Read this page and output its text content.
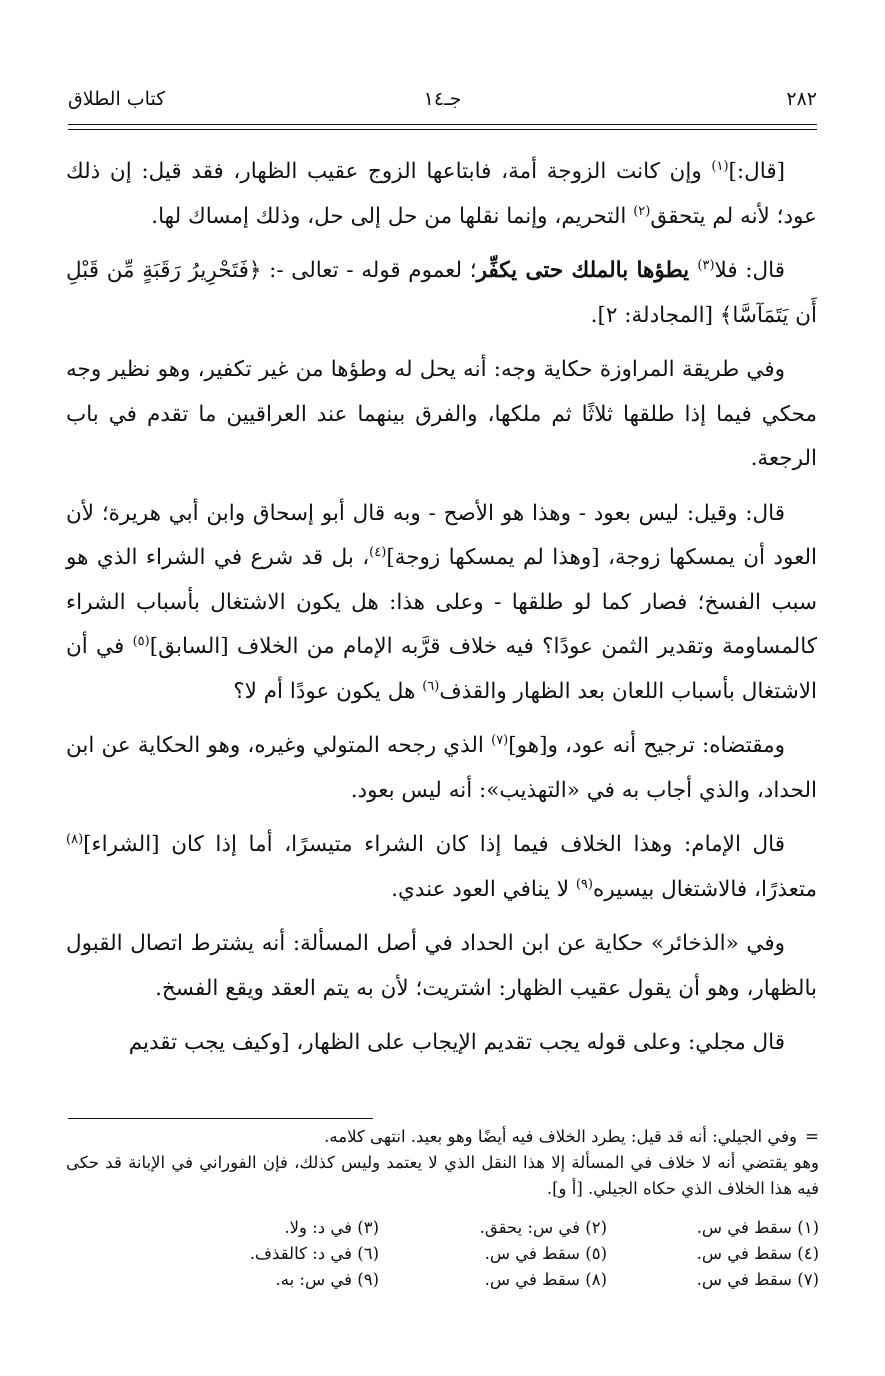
٢٨٢
جـ١٤
كتاب الطلاق

[قال:]$^{(١)}$ وإن كانت الزوجة أمة، فابتاعها الزوج عقيب الظهار، فقد قيل: إن ذلك عود؛ لأنه لم يتحقق$^{(٢)}$ التحريم، وإنما نقلها من حل إلى حل، وذلك إمساك لها.

قال: فلا$^{(٣)}$ يطؤها بالملك حتى يكفِّر؛ لعموم قوله - تعالى -: ﴿فَتَحْرِيرُ رَقَبَةٍ مِّن قَبْلِ أَن يَتَمَآسَّا﴾ [المجادلة: ٢].

وفي طريقة المراوزة حكاية وجه: أنه يحل له وطؤها من غير تكفير، وهو نظير وجه محكي فيما إذا طلقها ثلاثًا ثم ملكها، والفرق بينهما عند العراقيين ما تقدم في باب الرجعة.

قال: وقيل: ليس بعود - وهذا هو الأصح - وبه قال أبو إسحاق وابن أبي هريرة؛ لأن العود أن يمسكها زوجة، [وهذا لم يمسكها زوجة]$^{(٤)}$، بل قد شرع في الشراء الذي هو سبب الفسخ؛ فصار كما لو طلقها - وعلى هذا: هل يكون الاشتغال بأسباب الشراء كالمساومة وتقدير الثمن عودًا؟ فيه خلاف قرَّبه الإمام من الخلاف [السابق]$^{(٥)}$ في أن الاشتغال بأسباب اللعان بعد الظهار والقذف$^{(٦)}$ هل يكون عودًا أم لا؟

ومقتضاه: ترجيح أنه عود، و[هو]$^{(٧)}$ الذي رجحه المتولي وغيره، وهو الحكاية عن ابن الحداد، والذي أجاب به في «التهذيب»: أنه ليس بعود.

قال الإمام: وهذا الخلاف فيما إذا كان الشراء متيسرًا، أما إذا كان [الشراء]$^{(٨)}$ متعذرًا، فالاشتغال بيسيره$^{(٩)}$ لا ينافي العود عندي.

وفي «الذخائر» حكاية عن ابن الحداد في أصل المسألة: أنه يشترط اتصال القبول بالظهار، وهو أن يقول عقيب الظهار: اشتريت؛ لأن به يتم العقد ويقع الفسخ.

قال مجلي: وعلى قوله يجب تقديم الإيجاب على الظهار، [وكيف يجب تقديم

=وفي الجيلي: أنه قد قيل: يطرد الخلاف فيه أيضًا وهو بعيد. انتهى كلامه.

وهو يقتضي أنه لا خلاف في المسألة إلا هذا النقل الذي لا يعتمد وليس كذلك، فإن الفوراني في الإبانة قد حكى فيه هذا الخلاف الذي حكاه الجيلي. [أ و].

(١) سقط في س.
(٢) في س: يحقق.
(٣) في د: ولا.
(٤) سقط في س.
(٥) سقط في س.
(٦) في د: كالقذف.
(٧) سقط في س.
(٨) سقط في س.
(٩) في س: به.
